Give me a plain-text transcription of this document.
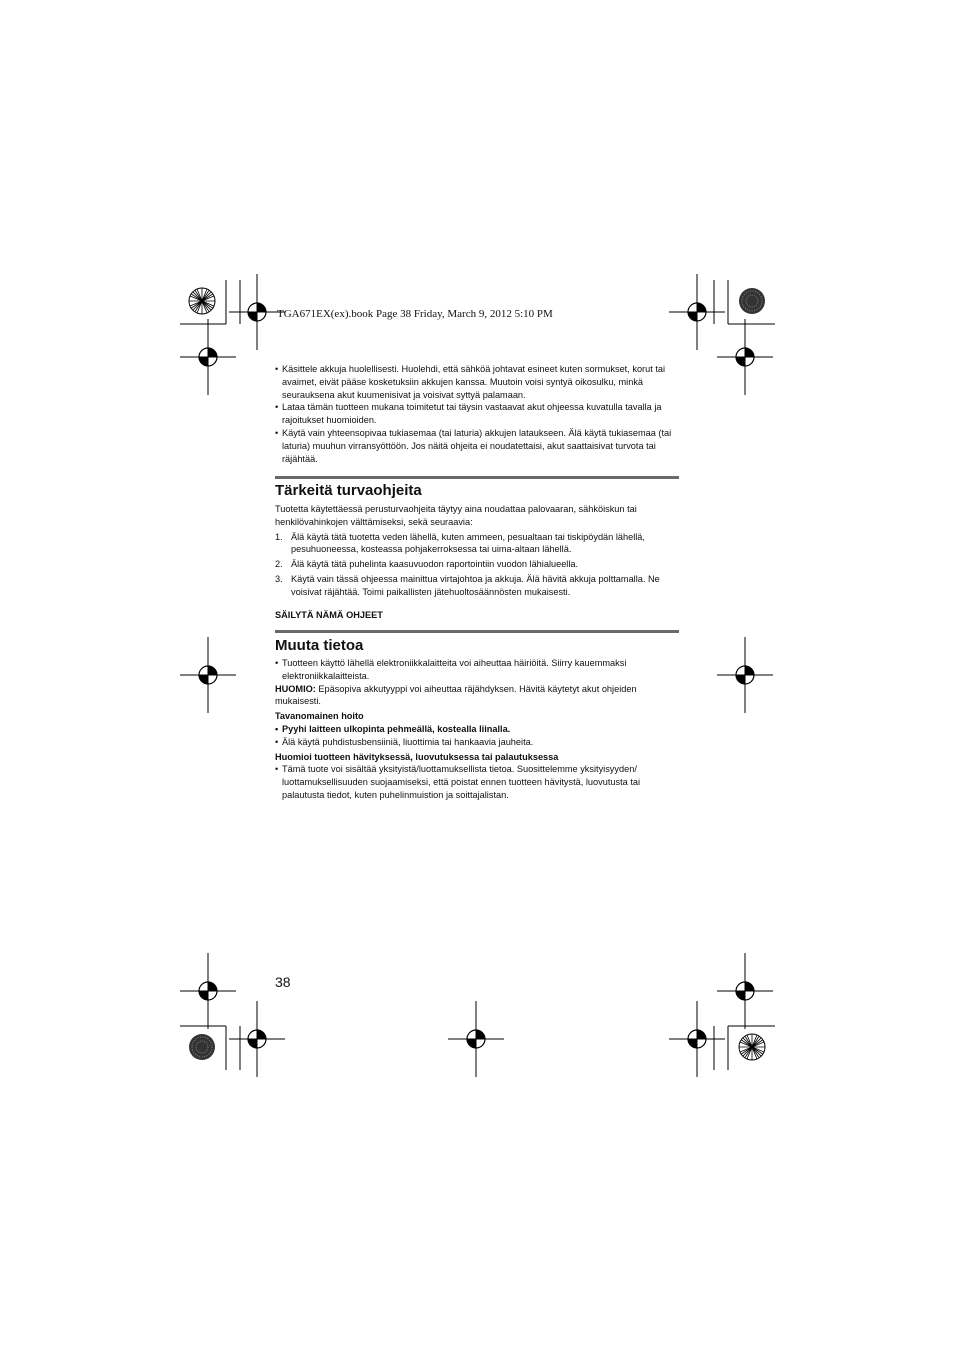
TGA671EX(ex).book Page 38 Friday, March 9, 2012 5:10 PM
• Käsittele akkuja huolellisesti. Huolehdi, että sähköä johtavat esineet kuten sormukset, korut tai avaimet, eivät pääse kosketuksiin akkujen kanssa. Muutoin voisi syntyä oikosulku, minkä seurauksena akut kuumenisivat ja voisivat syttyä palamaan.
• Lataa tämän tuotteen mukana toimitetut tai täysin vastaavat akut ohjeessa kuvatulla tavalla ja rajoitukset huomioiden.
• Käytä vain yhteensopivaa tukiasemaa (tai laturia) akkujen lataukseen. Älä käytä tukiasemaa (tai laturia) muuhun virransyöttöön. Jos näitä ohjeita ei noudatettaisi, akut saattaisivat turvota tai räjähtää.
Tärkeitä turvaohjeita

Tuotetta käytettäessä perusturvaohjeita täytyy aina noudattaa palovaaran, sähköiskun tai henkilövahinkojen välttämiseksi, sekä seuraavia:

1. Älä käytä tätä tuotetta veden lähellä, kuten ammeen, pesualtaan tai tiskipöydän lähellä, pesuhuoneessa, kosteassa pohjakerroksessa tai uima-altaan lähellä.
2. Älä käytä tätä puhelinta kaasuvuodon raportointiin vuodon lähialueella.
3. Käytä vain tässä ohjeessa mainittua virtajohtoa ja akkuja. Älä hävitä akkuja polttamalla. Ne voisivat räjähtää. Toimi paikallisten jätehuoltosäännösten mukaisesti.
SÄILYTÄ NÄMÄ OHJEET
Muuta tietoa
• Tuotteen käyttö lähellä elektroniikkalaitteita voi aiheuttaa häiriöitä. Siirry kauemmaksi elektroniikkalaitteista.

HUOMIO: Epäsopiva akkutyyppi voi aiheuttaa räjähdyksen. Hävitä käytetyt akut ohjeiden mukaisesti.

Tavanomainen hoito
• Pyyhi laitteen ulkopinta pehmeällä, kostealla liinalla.
• Älä käytä puhdistusbensiiniä, liuottimia tai hankaavia jauheita.
Huomioi tuotteen hävityksessä, luovutuksessa tai palautuksessa
• Tämä tuote voi sisältää yksityistä/luottamuksellista tietoa. Suosittelemme yksityisyyden/ luottamuksellisuuden suojaamiseksi, että poistat ennen tuotteen hävitystä, luovutusta tai palautusta tiedot, kuten puhelinmuistion ja soittajalistan.
38
